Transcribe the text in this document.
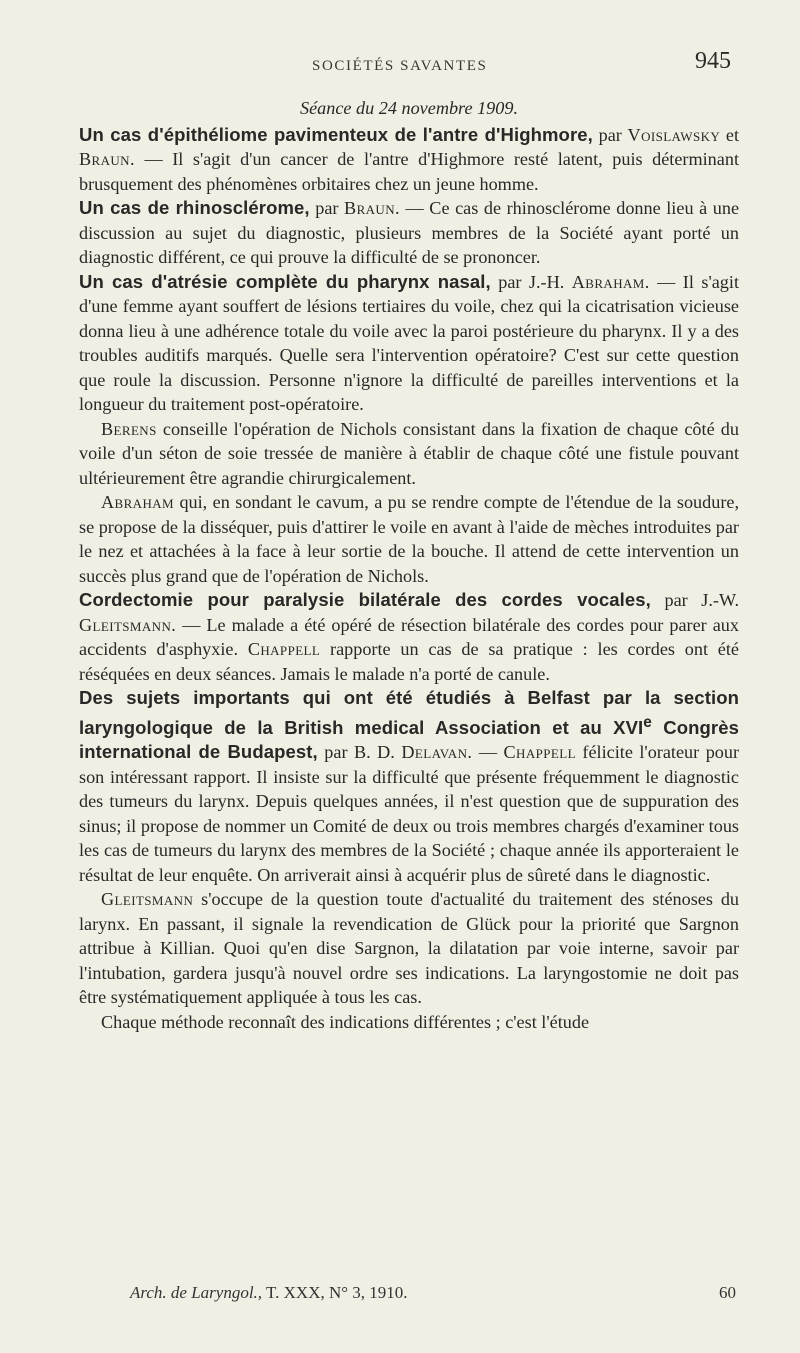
SOCIÉTÉS SAVANTES	945

Séance du 24 novembre 1909.

Un cas d'épithéliome pavimenteux de l'antre d'Highmore, par Voislawsky et Braun. — Il s'agit d'un cancer de l'antre d'Highmore resté latent, puis déterminant brusquement des phénomènes orbitaires chez un jeune homme.

Un cas de rhinosclérome, par Braun. — Ce cas de rhinosclérome donne lieu à une discussion au sujet du diagnostic, plusieurs membres de la Société ayant porté un diagnostic différent, ce qui prouve la difficulté de se prononcer.

Un cas d'atrésie complète du pharynx nasal, par J.-H. Abraham. — Il s'agit d'une femme ayant souffert de lésions tertiaires du voile, chez qui la cicatrisation vicieuse donna lieu à une adhérence totale du voile avec la paroi postérieure du pharynx. Il y a des troubles auditifs marqués. Quelle sera l'intervention opératoire? C'est sur cette question que roule la discussion. Personne n'ignore la difficulté de pareilles interventions et la longueur du traitement post-opératoire.

Berens conseille l'opération de Nichols consistant dans la fixation de chaque côté du voile d'un séton de soie tressée de manière à établir de chaque côté une fistule pouvant ultérieurement être agrandie chirurgicalement.

Abraham qui, en sondant le cavum, a pu se rendre compte de l'étendue de la soudure, se propose de la disséquer, puis d'attirer le voile en avant à l'aide de mèches introduites par le nez et attachées à la face à leur sortie de la bouche. Il attend de cette intervention un succès plus grand que de l'opération de Nichols.

Cordectomie pour paralysie bilatérale des cordes vocales, par J.-W. Gleitsmann. — Le malade a été opéré de résection bilatérale des cordes pour parer aux accidents d'asphyxie. Chappell rapporte un cas de sa pratique : les cordes ont été réséquées en deux séances. Jamais le malade n'a porté de canule.

Des sujets importants qui ont été étudiés à Belfast par la section laryngologique de la British medical Association et au XVIe Congrès international de Budapest, par B. D. Delavan. — Chappell félicite l'orateur pour son intéressant rapport. Il insiste sur la difficulté que présente fréquemment le diagnostic des tumeurs du larynx. Depuis quelques années, il n'est question que de suppuration des sinus; il propose de nommer un Comité de deux ou trois membres chargés d'examiner tous les cas de tumeurs du larynx des membres de la Société ; chaque année ils apporteraient le résultat de leur enquête. On arriverait ainsi à acquérir plus de sûreté dans le diagnostic.

Gleitsmann s'occupe de la question toute d'actualité du traitement des sténoses du larynx. En passant, il signale la revendication de Glück pour la priorité que Sargnon attribue à Killian. Quoi qu'en dise Sargnon, la dilatation par voie interne, savoir par l'intubation, gardera jusqu'à nouvel ordre ses indications. La laryngostomie ne doit pas être systématiquement appliquée à tous les cas.

Chaque méthode reconnaît des indications différentes ; c'est l'étude

Arch. de Laryngol., T. XXX, N° 3, 1910.	60
